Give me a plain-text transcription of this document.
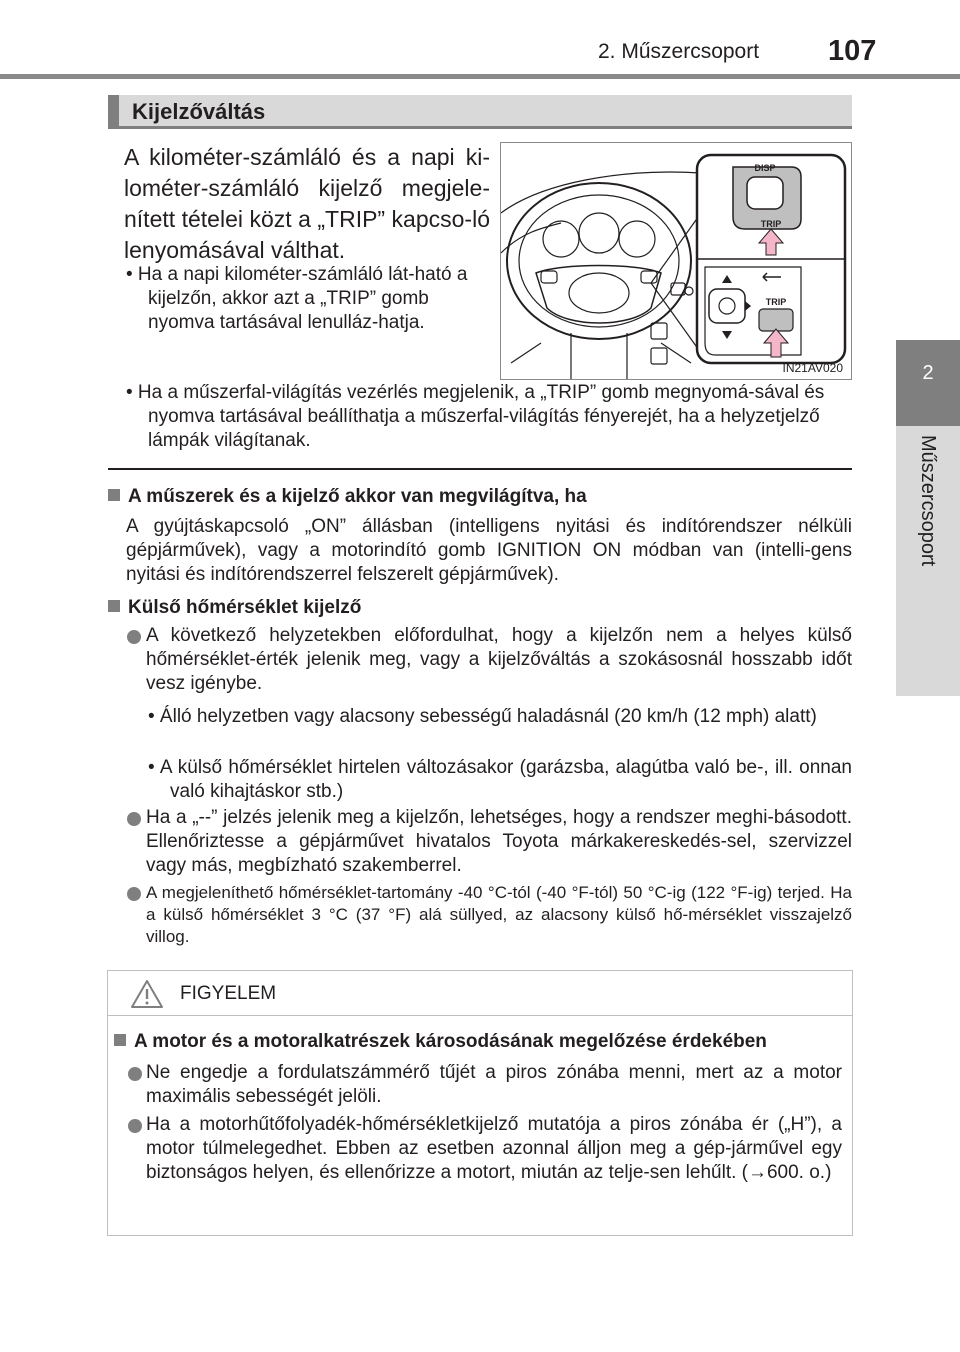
2. Műszercsoport 107
2
Műszercsoport
Kijelzőváltás
A kilométer-számláló és a napi ki-lométer-számláló kijelző megjele-nített tételei közt a „TRIP” kapcso-ló lenyomásával válthat.
• Ha a napi kilométer-számláló lát-ható a kijelzőn, akkor azt a „TRIP” gomb nyomva tartásával lenulláz-hatja.
DISP
TRIP
TRIP
IN21AV020
• Ha a műszerfal-világítás vezérlés megjelenik, a „TRIP” gomb megnyomá-sával és nyomva tartásával beállíthatja a műszerfal-világítás fényerejét, ha a helyzetjelző lámpák világítanak.
A műszerek és a kijelző akkor van megvilágítva, ha
A gyújtáskapcsoló „ON” állásban (intelligens nyitási és indítórendszer nélküli gépjárművek), vagy a motorindító gomb IGNITION ON módban van (intelli-gens nyitási és indítórendszerrel felszerelt gépjárművek).
Külső hőmérséklet kijelző
A következő helyzetekben előfordulhat, hogy a kijelzőn nem a helyes külső hőmérséklet-érték jelenik meg, vagy a kijelzőváltás a szokásosnál hosszabb időt vesz igénybe.
• Álló helyzetben vagy alacsony sebességű haladásnál (20 km/h (12 mph) alatt)
• A külső hőmérséklet hirtelen változásakor (garázsba, alagútba való be-, ill. onnan való kihajtáskor stb.)
Ha a „--” jelzés jelenik meg a kijelzőn, lehetséges, hogy a rendszer meghi-básodott. Ellenőriztesse a gépjárművet hivatalos Toyota márkakereskedés-sel, szervizzel vagy más, megbízható szakemberrel.
A megjeleníthető hőmérséklet-tartomány -40 °C-tól (-40 °F-tól) 50 °C-ig (122 °F-ig) terjed. Ha a külső hőmérséklet 3 °C (37 °F) alá süllyed, az alacsony külső hő-mérséklet visszajelző villog.
FIGYELEM
A motor és a motoralkatrészek károsodásának megelőzése érdekében
Ne engedje a fordulatszámmérő tűjét a piros zónába menni, mert az a motor maximális sebességét jelöli.
Ha a motorhűtőfolyadék-hőmérsékletkijelző mutatója a piros zónába ér („H”), a motor túlmelegedhet. Ebben az esetben azonnal álljon meg a gép-járművel egy biztonságos helyen, és ellenőrizze a motort, miután az telje-sen lehűlt. (→600. o.)
